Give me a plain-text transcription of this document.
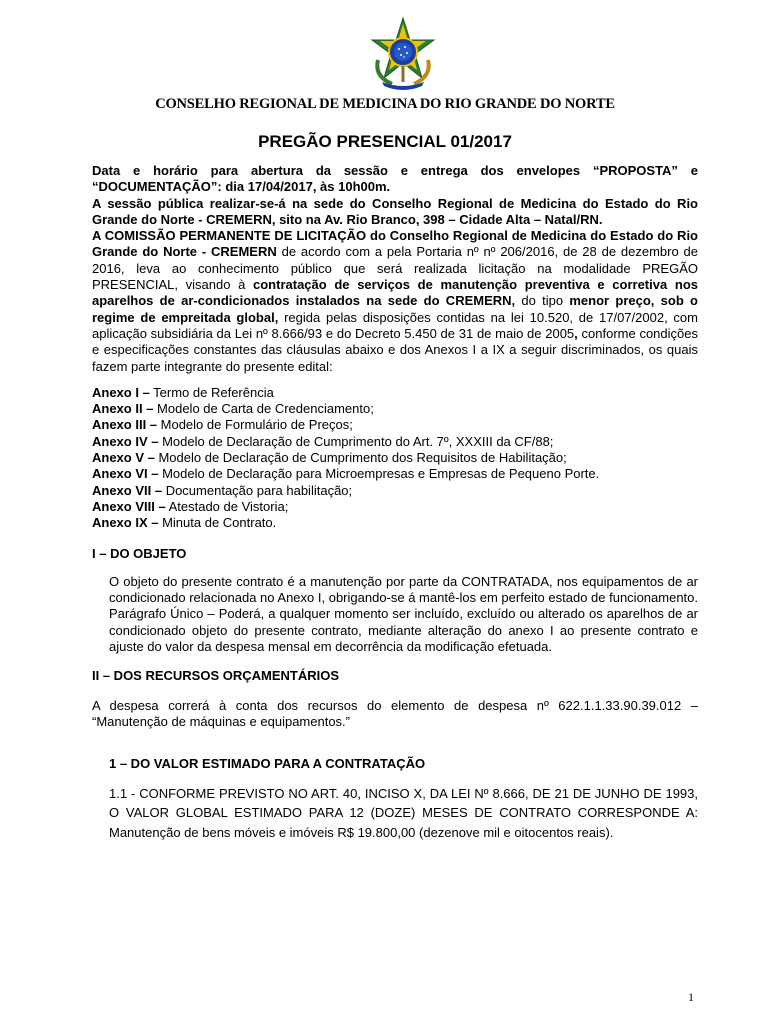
CONSELHO REGIONAL DE MEDICINA DO RIO GRANDE DO NORTE
PREGÃO PRESENCIAL 01/2017

Data e horário para abertura da sessão e entrega dos envelopes “PROPOSTA” e “DOCUMENTAÇÃO”: dia 17/04/2017, às 10h00m.

A sessão pública realizar-se-á na sede do Conselho Regional de Medicina do Estado do Rio Grande do Norte - CREMERN, sito na Av. Rio Branco, 398 – Cidade Alta – Natal/RN.

A COMISSÃO PERMANENTE DE LICITAÇÃO do Conselho Regional de Medicina do Estado do Rio Grande do Norte - CREMERN de acordo com a pela Portaria nº nº 206/2016, de 28 de dezembro de 2016, leva ao conhecimento público que será realizada licitação na modalidade PREGÃO PRESENCIAL, visando à contratação de serviços de manutenção preventiva e corretiva nos aparelhos de ar-condicionados instalados na sede do CREMERN, do tipo menor preço, sob o regime de empreitada global, regida pelas disposições contidas na lei 10.520, de 17/07/2002, com aplicação subsidiária da Lei nº 8.666/93 e do Decreto 5.450 de 31 de maio de 2005, conforme condições e especificações constantes das cláusulas abaixo e dos Anexos I a IX a seguir discriminados, os quais fazem parte integrante do presente edital:

Anexo I – Termo de Referência

Anexo II – Modelo de Carta de Credenciamento;

Anexo III – Modelo de Formulário de Preços;

Anexo IV – Modelo de Declaração de Cumprimento do Art. 7º, XXXIII da CF/88;

Anexo V – Modelo de Declaração de Cumprimento dos Requisitos de Habilitação;

Anexo VI – Modelo de Declaração para Microempresas e Empresas de Pequeno Porte.

Anexo VII – Documentação para habilitação;

Anexo VIII – Atestado de Vistoria;

Anexo IX – Minuta de Contrato.

I – DO OBJETO

O objeto do presente contrato é a manutenção por parte da CONTRATADA, nos equipamentos de ar condicionado relacionada no Anexo I, obrigando-se á mantê-los em perfeito estado de funcionamento.

Parágrafo Único – Poderá, a qualquer momento ser incluído, excluído ou alterado os aparelhos de ar condicionado objeto do presente contrato, mediante alteração do anexo I ao presente contrato e ajuste do valor da despesa mensal em decorrência da modificação efetuada.

II – DOS RECURSOS ORÇAMENTÁRIOS

A despesa correrá à conta dos recursos do elemento de despesa nº 622.1.1.33.90.39.012 – “Manutenção de máquinas e equipamentos.”

1 – DO VALOR ESTIMADO PARA A CONTRATAÇÃO

1.1 - CONFORME PREVISTO NO ART. 40, INCISO X, DA LEI Nº 8.666, DE 21 DE JUNHO DE 1993, O VALOR GLOBAL ESTIMADO PARA 12 (DOZE) MESES DE CONTRATO CORRESPONDE A: Manutenção de bens móveis e imóveis R$ 19.800,00 (dezenove mil e oitocentos reais).

1
